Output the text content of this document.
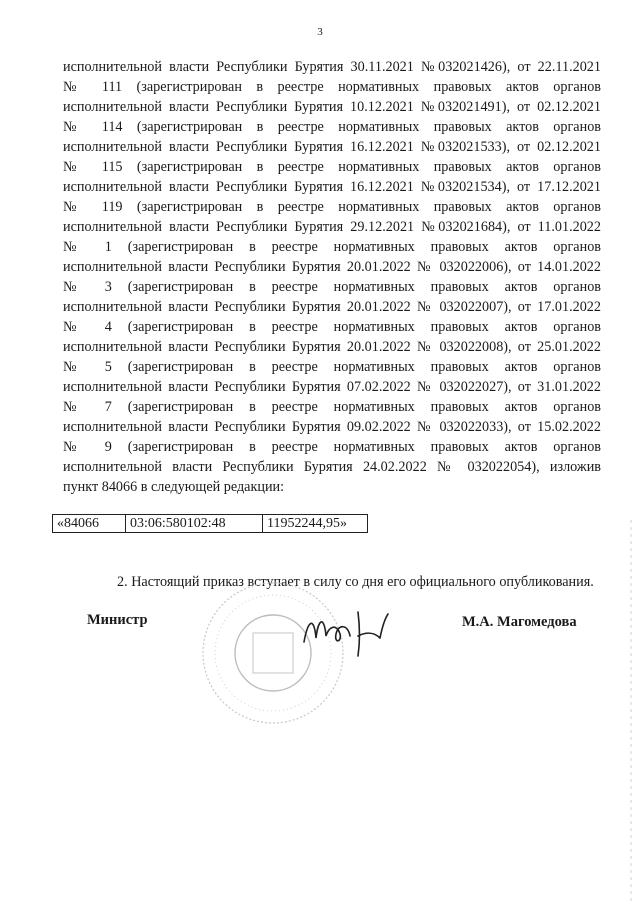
3
исполнительной власти Республики Бурятия 30.11.2021 №032021426), от 22.11.2021
№ 111 (зарегистрирован в реестре нормативных правовых актов органов
исполнительной власти Республики Бурятия 10.12.2021 №032021491), от 02.12.2021
№ 114 (зарегистрирован в реестре нормативных правовых актов органов
исполнительной власти Республики Бурятия 16.12.2021 №032021533), от 02.12.2021
№ 115 (зарегистрирован в реестре нормативных правовых актов органов
исполнительной власти Республики Бурятия 16.12.2021 №032021534), от 17.12.2021
№ 119 (зарегистрирован в реестре нормативных правовых актов органов
исполнительной власти Республики Бурятия 29.12.2021 №032021684), от 11.01.2022
№ 1 (зарегистрирован в реестре нормативных правовых актов органов
исполнительной власти Республики Бурятия 20.01.2022 № 032022006), от 14.01.2022
№ 3 (зарегистрирован в реестре нормативных правовых актов органов
исполнительной власти Республики Бурятия 20.01.2022 № 032022007), от 17.01.2022
№ 4 (зарегистрирован в реестре нормативных правовых актов органов
исполнительной власти Республики Бурятия 20.01.2022 № 032022008), от 25.01.2022
№ 5 (зарегистрирован в реестре нормативных правовых актов органов
исполнительной власти Республики Бурятия 07.02.2022 № 032022027), от 31.01.2022
№ 7 (зарегистрирован в реестре нормативных правовых актов органов
исполнительной власти Республики Бурятия 09.02.2022 № 032022033), от 15.02.2022
№ 9 (зарегистрирован в реестре нормативных правовых актов органов
исполнительной власти Республики Бурятия 24.02.2022 № 032022054), изложив
пункт 84066 в следующей редакции:
«84066	03:06:580102:48	11952244,95»
2. Настоящий приказ вступает в силу со дня его официального опубликования.
Министр	М.А. Магомедова
